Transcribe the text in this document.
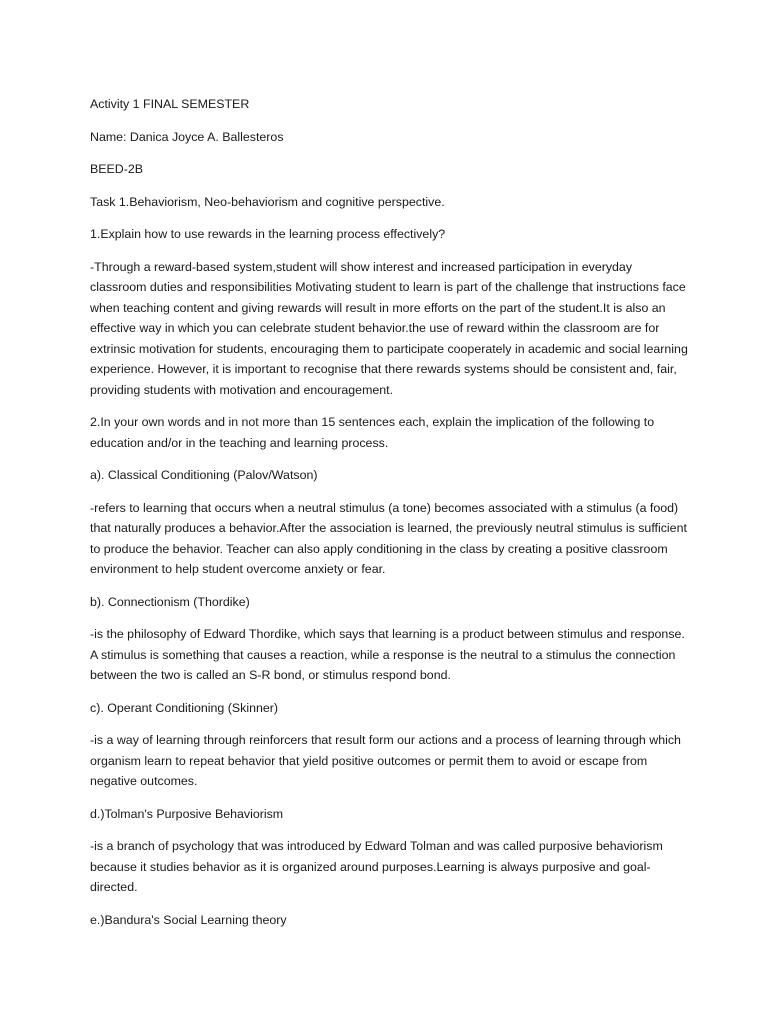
Activity 1 FINAL SEMESTER

Name: Danica Joyce A. Ballesteros

BEED-2B

Task 1.Behaviorism, Neo-behaviorism and cognitive perspective.

1.Explain how to use rewards in the learning process effectively?

-Through a reward-based system,student will show interest and increased participation in everyday classroom duties and responsibilities Motivating student to learn is part of the challenge that instructions face when teaching content and giving rewards will result in more efforts on the part of the student.It is also an effective way in which you can celebrate student behavior.the use of reward within the classroom are for extrinsic motivation for students, encouraging them to participate cooperately in academic and social learning experience. However, it is important to recognise that there rewards systems should be consistent and, fair, providing students with motivation and encouragement.

2.In your own words and in not more than 15 sentences each, explain the implication of the following to education and/or in the teaching and learning process.

a). Classical Conditioning (Palov/Watson)

-refers to learning that occurs when a neutral stimulus (a tone) becomes associated with a stimulus (a food) that naturally produces a behavior.After the association is learned, the previously neutral stimulus is sufficient to produce the behavior. Teacher can also apply conditioning in the class by creating a positive classroom environment to help student overcome anxiety or fear.

b). Connectionism (Thordike)

-is the philosophy of Edward Thordike, which says that learning is a product between stimulus and response. A stimulus is something that causes a reaction, while a response is the neutral to a stimulus the connection between the two is called an S-R bond, or stimulus respond bond.

c). Operant Conditioning (Skinner)

-is a way of learning through reinforcers that result form our actions and a process of learning through which organism learn to repeat behavior that yield positive outcomes or permit them to avoid or escape from negative outcomes.

d.)Tolman's Purposive Behaviorism

-is a branch of psychology that was introduced by Edward Tolman and was called purposive behaviorism because it studies behavior as it is organized around purposes.Learning is always purposive and goal-directed.

e.)Bandura's Social Learning theory
